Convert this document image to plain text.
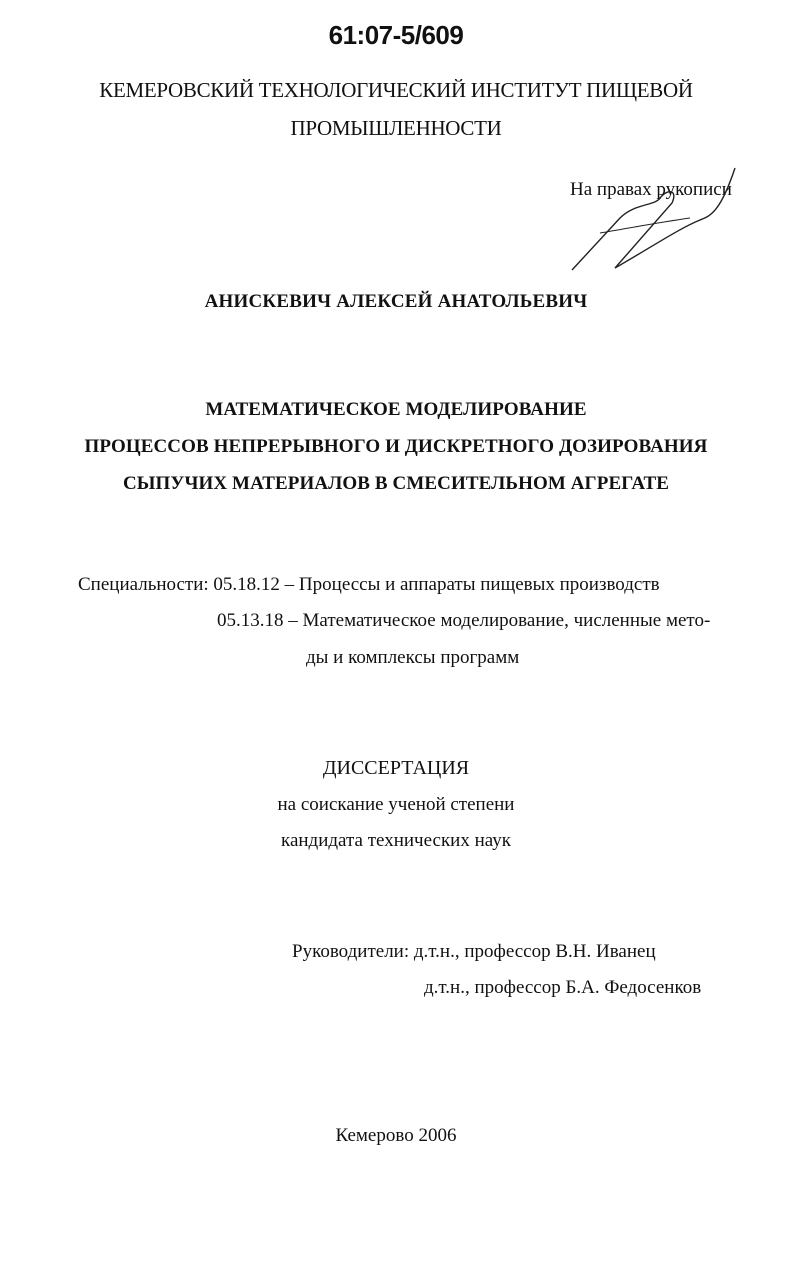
61:07-5/609
КЕМЕРОВСКИЙ ТЕХНОЛОГИЧЕСКИЙ ИНСТИТУТ ПИЩЕВОЙ
ПРОМЫШЛЕННОСТИ
На правах рукописи
АНИСКЕВИЧ АЛЕКСЕЙ АНАТОЛЬЕВИЧ
МАТЕМАТИЧЕСКОЕ МОДЕЛИРОВАНИЕ
ПРОЦЕССОВ НЕПРЕРЫВНОГО И ДИСКРЕТНОГО ДОЗИРОВАНИЯ
СЫПУЧИХ МАТЕРИАЛОВ В СМЕСИТЕЛЬНОМ АГРЕГАТЕ
Специальности: 05.18.12 – Процессы и аппараты пищевых производств
05.13.18 – Математическое моделирование, численные мето-
ды и комплексы программ
ДИССЕРТАЦИЯ
на соискание ученой степени
кандидата технических наук
Руководители: д.т.н., профессор В.Н. Иванец
д.т.н., профессор Б.А. Федосенков
Кемерово 2006
